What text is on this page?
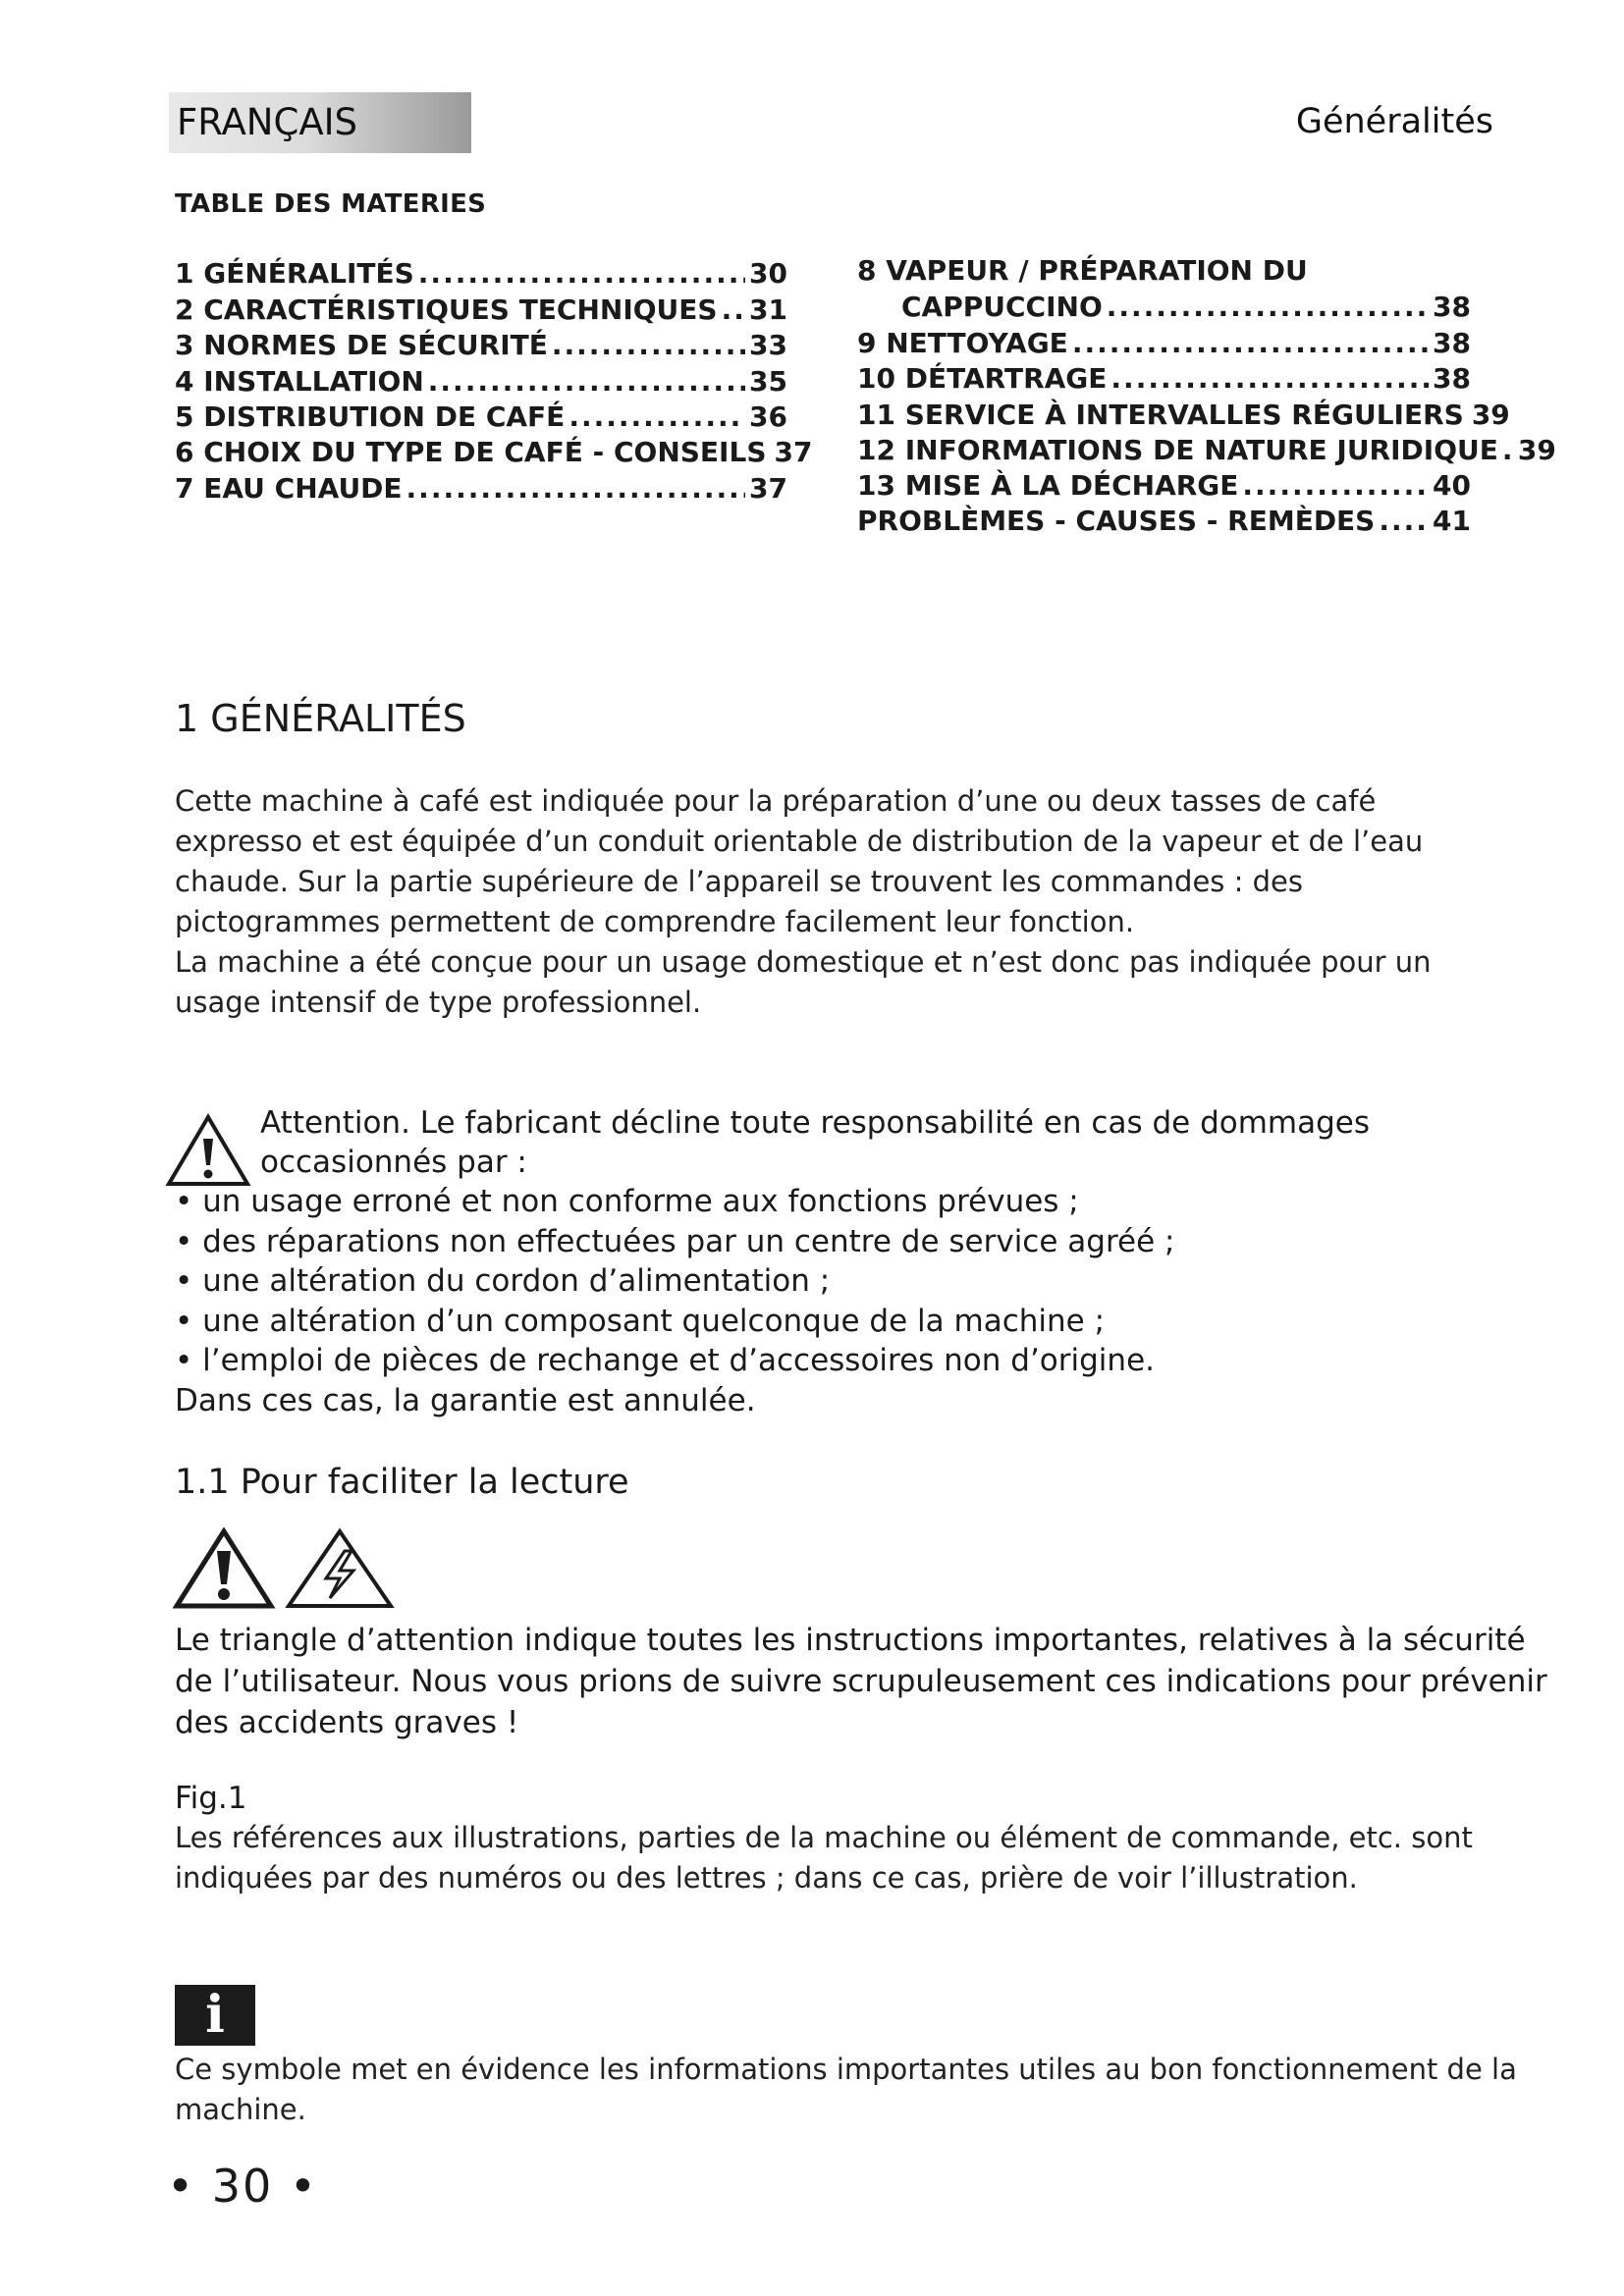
FRANÇAIS	Généralités
TABLE DES MATERIES
1 GÉNÉRALITÉS .....	30
2 CARACTÉRISTIQUES TECHNIQUES ..... 31
3 NORMES DE SÉCURITÉ .....	33
4 INSTALLATION .....	35
5 DISTRIBUTION DE CAFÉ .....	36
6 CHOIX DU TYPE DE CAFÉ - CONSEILS 37
7 EAU CHAUDE .....	37
8 VAPEUR / PRÉPARATION DU
CAPPUCCINO .....	38
9 NETTOYAGE .....	38
10 DÉTARTRAGE .....	38
11 SERVICE À INTERVALLES RÉGULIERS 39
12 INFORMATIONS DE NATURE JURIDIQUE ..... 39
13 MISE À LA DÉCHARGE .....	40
PROBLÈMES - CAUSES - REMÈDES ..... 41
1 GÉNÉRALITÉS
Cette machine à café est indiquée pour la préparation d’une ou deux tasses de café expresso et est équipée d’un conduit orientable de distribution de la vapeur et de l’eau chaude. Sur la partie supérieure de l’appareil se trouvent les commandes : des pictogrammes permettent de comprendre facilement leur fonction.
La machine a été conçue pour un usage domestique et n’est donc pas indiquée pour un usage intensif de type professionnel.
Attention. Le fabricant décline toute responsabilité en cas de dommages occasionnés par :
• un usage erroné et non conforme aux fonctions prévues ;
• des réparations non effectuées par un centre de service agréé ;
• une altération du cordon d’alimentation ;
• une altération d’un composant quelconque de la machine ;
• l’emploi de pièces de rechange et d’accessoires non d’origine.
Dans ces cas, la garantie est annulée.
1.1 Pour faciliter la lecture
Le triangle d’attention indique toutes les instructions importantes, relatives à la sécurité de l’utilisateur. Nous vous prions de suivre scrupuleusement ces indications pour prévenir des accidents graves !
Fig.1
Les références aux illustrations, parties de la machine ou élément de commande, etc. sont indiquées par des numéros ou des lettres ; dans ce cas, prière de voir l’illustration.
i
Ce symbole met en évidence les informations importantes utiles au bon fonctionnement de la machine.
• 30 •
